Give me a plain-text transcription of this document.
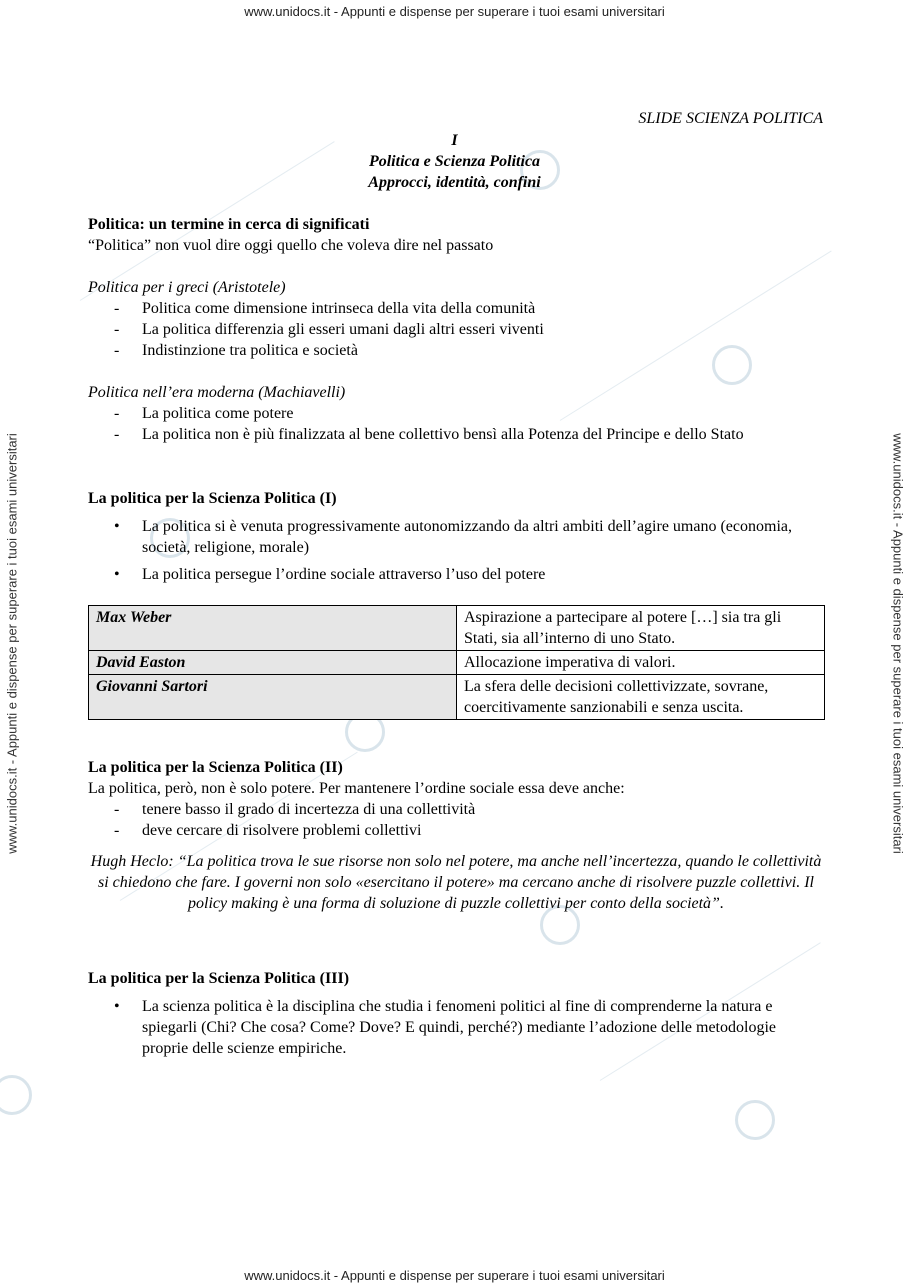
www.unidocs.it - Appunti e dispense per superare i tuoi esami universitari
www.unidocs.it - Appunti e dispense per superare i tuoi esami universitari
www.unidocs.it - Appunti e dispense per superare i tuoi esami universitari	www.unidocs.it - Appunti e dispense per superare i tuoi esami universitari
SLIDE SCIENZA POLITICA
I
Politica e Scienza Politica
Approcci, identità, confini
Politica: un termine in cerca di significati
“Politica” non vuol dire oggi quello che voleva dire nel passato
Politica per i greci (Aristotele)
- Politica come dimensione intrinseca della vita della comunità
- La politica differenzia gli esseri umani dagli altri esseri viventi
- Indistinzione tra politica e società
Politica nell’era moderna (Machiavelli)
- La politica come potere
- La politica non è più finalizzata al bene collettivo bensì alla Potenza del Principe e dello Stato
La politica per la Scienza Politica (I)
• La politica si è venuta progressivamente autonomizzando da altri ambiti dell’agire umano (economia, società, religione, morale)
• La politica persegue l’ordine sociale attraverso l’uso del potere
Max Weber	Aspirazione a partecipare al potere […] sia tra gli Stati, sia all’interno di uno Stato.
David Easton	Allocazione imperativa di valori.
Giovanni Sartori	La sfera delle decisioni collettivizzate, sovrane, coercitivamente sanzionabili e senza uscita.
La politica per la Scienza Politica (II)
La politica, però, non è solo potere. Per mantenere l’ordine sociale essa deve anche:
- tenere basso il grado di incertezza di una collettività
- deve cercare di risolvere problemi collettivi
Hugh Heclo: “La politica trova le sue risorse non solo nel potere, ma anche nell’incertezza, quando le collettività si chiedono che fare. I governi non solo «esercitano il potere» ma cercano anche di risolvere puzzle collettivi. Il policy making è una forma di soluzione di puzzle collettivi per conto della società”.
La politica per la Scienza Politica (III)
• La scienza politica è la disciplina che studia i fenomeni politici al fine di comprenderne la natura e spiegarli (Chi? Che cosa? Come? Dove? E quindi, perché?) mediante l’adozione delle metodologie proprie delle scienze empiriche.
